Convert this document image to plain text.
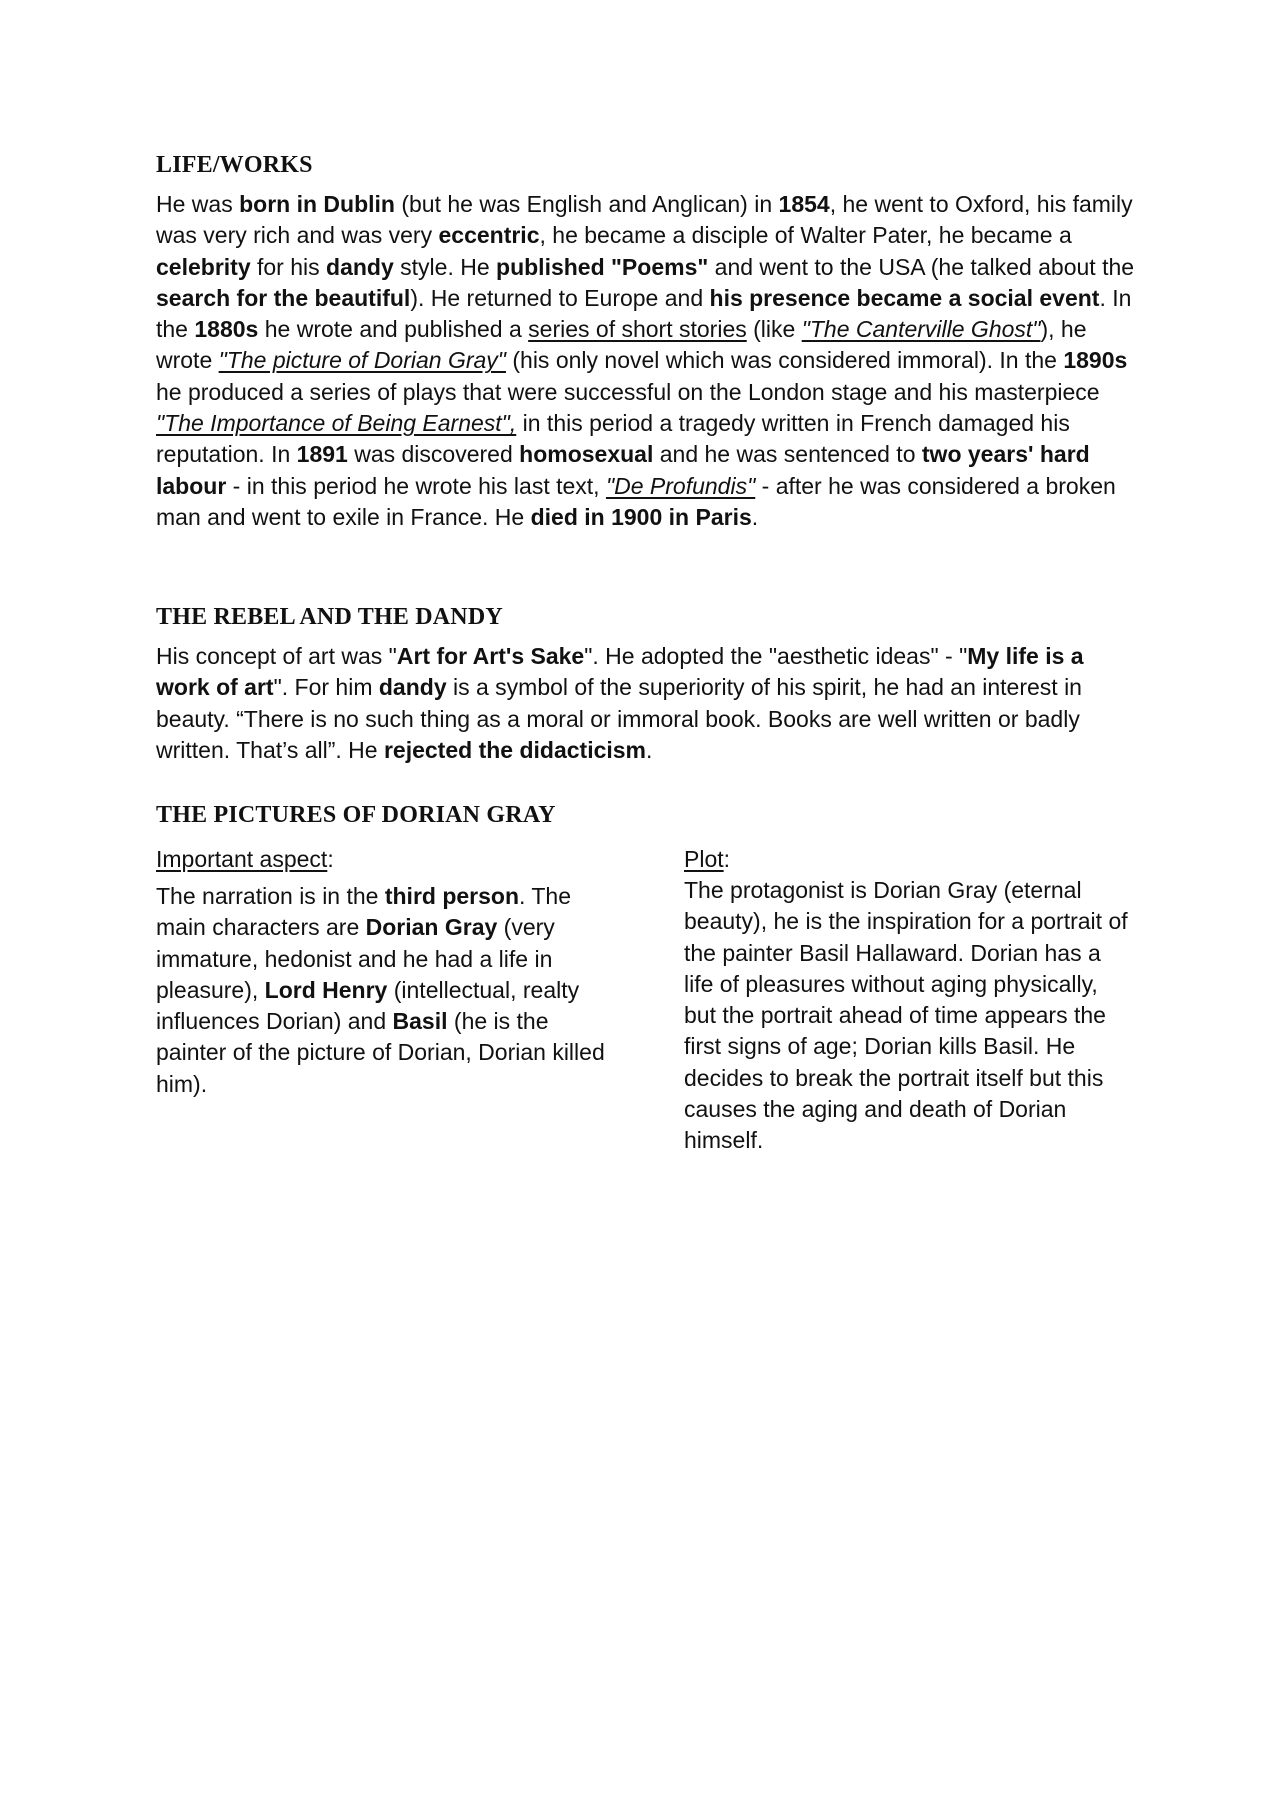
LIFE/WORKS

He was born in Dublin (but he was English and Anglican) in 1854, he went to Oxford, his family was very rich and was very eccentric, he became a disciple of Walter Pater, he became a celebrity for his dandy style. He published "Poems" and went to the USA (he talked about the search for the beautiful). He returned to Europe and his presence became a social event. In the 1880s he wrote and published a series of short stories (like "The Canterville Ghost"), he wrote "The picture of Dorian Gray" (his only novel which was considered immoral). In the 1890s he produced a series of plays that were successful on the London stage and his masterpiece "The Importance of Being Earnest", in this period a tragedy written in French damaged his reputation. In 1891 was discovered homosexual and he was sentenced to two years' hard labour - in this period he wrote his last text, "De Profundis" - after he was considered a broken man and went to exile in France. He died in 1900 in Paris.

THE REBEL AND THE DANDY

His concept of art was "Art for Art's Sake". He adopted the "aesthetic ideas" - "My life is a work of art". For him dandy is a symbol of the superiority of his spirit, he had an interest in beauty. “There is no such thing as a moral or immoral book. Books are well written or badly written. That’s all”. He rejected the didacticism.

THE PICTURES OF DORIAN GRAY

Important aspect:

The narration is in the third person. The main characters are Dorian Gray (very immature, hedonist and he had a life in pleasure), Lord Henry (intellectual, realty influences Dorian) and Basil (he is the painter of the picture of Dorian, Dorian killed him).

Plot:

The protagonist is Dorian Gray (eternal beauty), he is the inspiration for a portrait of the painter Basil Hallaward. Dorian has a life of pleasures without aging physically, but the portrait ahead of time appears the first signs of age; Dorian kills Basil. He decides to break the portrait itself but this causes the aging and death of Dorian himself.
